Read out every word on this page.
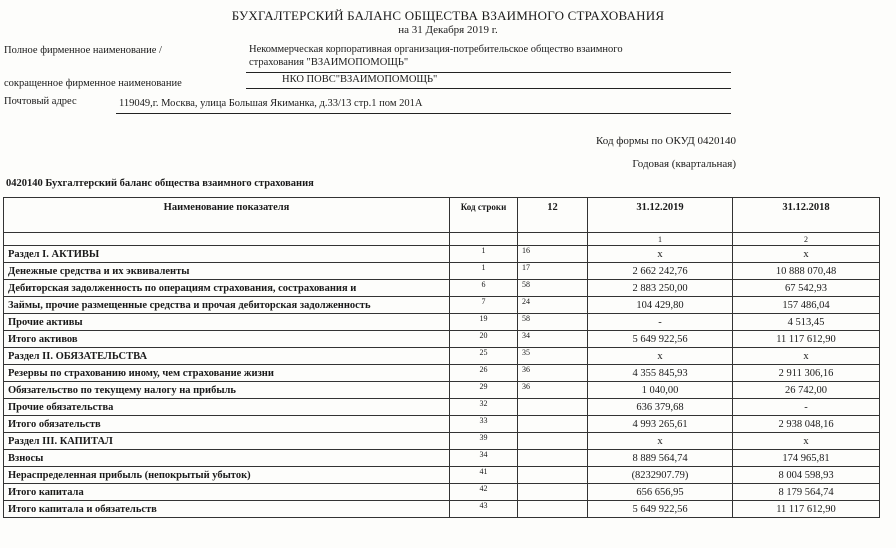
БУХГАЛТЕРСКИЙ БАЛАНС ОБЩЕСТВА ВЗАИМНОГО СТРАХОВАНИЯ
на 31 Декабря 2019 г.
Полное фирменное наименование /	Некоммерческая корпоративная организация-потребительское общество взаимного
страхования "ВЗАИМОПОМОЩЬ"
сокращенное фирменное наименование	НКО ПОВС"ВЗАИМОПОМОЩЬ"
Почтовый адрес	119049,г. Москва, улица Большая Якиманка, д.33/13 стр.1 пом 201А
Код формы по ОКУД 0420140
Годовая (квартальная)
0420140 Бухгалтерский баланс общества взаимного страхования
Наименование показателя	Код строки	12	31.12.2019	31.12.2018
			1	2
Раздел I. АКТИВЫ	1	16	x	x
Денежные средства и их эквиваленты	1	17	2 662 242,76	10 888 070,48
Дебиторская задолженность по операциям страхования, сострахования и	6	58	2 883 250,00	67 542,93
Займы, прочие размещенные средства и прочая дебиторская задолженность	7	24	104 429,80	157 486,04
Прочие активы	19	58	-	4 513,45
Итого активов	20	34	5 649 922,56	11 117 612,90
Раздел II. ОБЯЗАТЕЛЬСТВА	25	35	x	x
Резервы по страхованию иному, чем страхование жизни	26	36	4 355 845,93	2 911 306,16
Обязательство по текущему налогу на прибыль	29	36	1 040,00	26 742,00
Прочие обязательства	32		636 379,68	-
Итого обязательств	33		4 993 265,61	2 938 048,16
Раздел III. КАПИТАЛ	39		x	x
Взносы	34		8 889 564,74	174 965,81
Нераспределенная прибыль (непокрытый убыток)	41		(8232907.79)	8 004 598,93
Итого капитала	42		656 656,95	8 179 564,74
Итого капитала и обязательств	43		5 649 922,56	11 117 612,90
